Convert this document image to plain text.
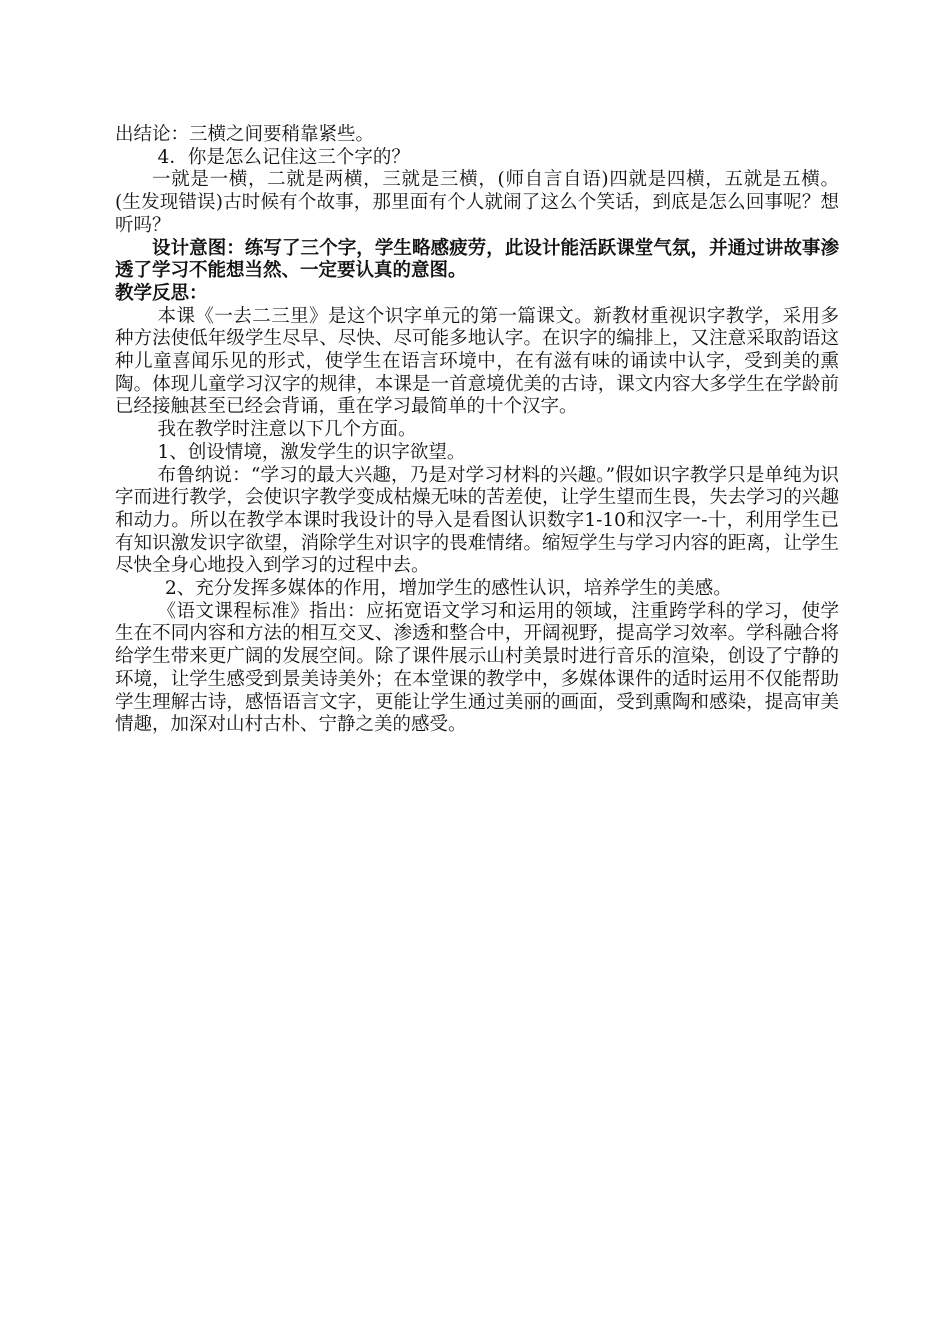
出结论：三横之间要稍靠紧些。

4．你是怎么记住这三个字的？

一就是一横，二就是两横，三就是三横，(师自言自语)四就是四横，五就是五横。(生发现错误)古时候有个故事，那里面有个人就闹了这么个笑话，到底是怎么回事呢？想听吗？

设计意图：练写了三个字，学生略感疲劳，此设计能活跃课堂气氛，并通过讲故事渗透了学习不能想当然、一定要认真的意图。

教学反思：

本课《一去二三里》是这个识字单元的第一篇课文。新教材重视识字教学，采用多种方法使低年级学生尽早、尽快、尽可能多地认字。在识字的编排上，又注意采取韵语这种儿童喜闻乐见的形式，使学生在语言环境中，在有滋有味的诵读中认字，受到美的熏陶。体现儿童学习汉字的规律，本课是一首意境优美的古诗，课文内容大多学生在学龄前已经接触甚至已经会背诵，重在学习最简单的十个汉字。

我在教学时注意以下几个方面。

1、创设情境，激发学生的识字欲望。

布鲁纳说：“学习的最大兴趣，乃是对学习材料的兴趣。”假如识字教学只是单纯为识字而进行教学，会使识字教学变成枯燥无味的苦差使，让学生望而生畏，失去学习的兴趣和动力。所以在教学本课时我设计的导入是看图认识数字1-10和汉字一-十，利用学生已有知识激发识字欲望，消除学生对识字的畏难情绪。缩短学生与学习内容的距离，让学生尽快全身心地投入到学习的过程中去。

2、充分发挥多媒体的作用，增加学生的感性认识，培养学生的美感。

《语文课程标准》指出：应拓宽语文学习和运用的领域，注重跨学科的学习，使学生在不同内容和方法的相互交叉、渗透和整合中，开阔视野，提高学习效率。学科融合将给学生带来更广阔的发展空间。除了课件展示山村美景时进行音乐的渲染，创设了宁静的环境，让学生感受到景美诗美外；在本堂课的教学中，多媒体课件的适时运用不仅能帮助学生理解古诗，感悟语言文字，更能让学生通过美丽的画面，受到熏陶和感染，提高审美情趣，加深对山村古朴、宁静之美的感受。
